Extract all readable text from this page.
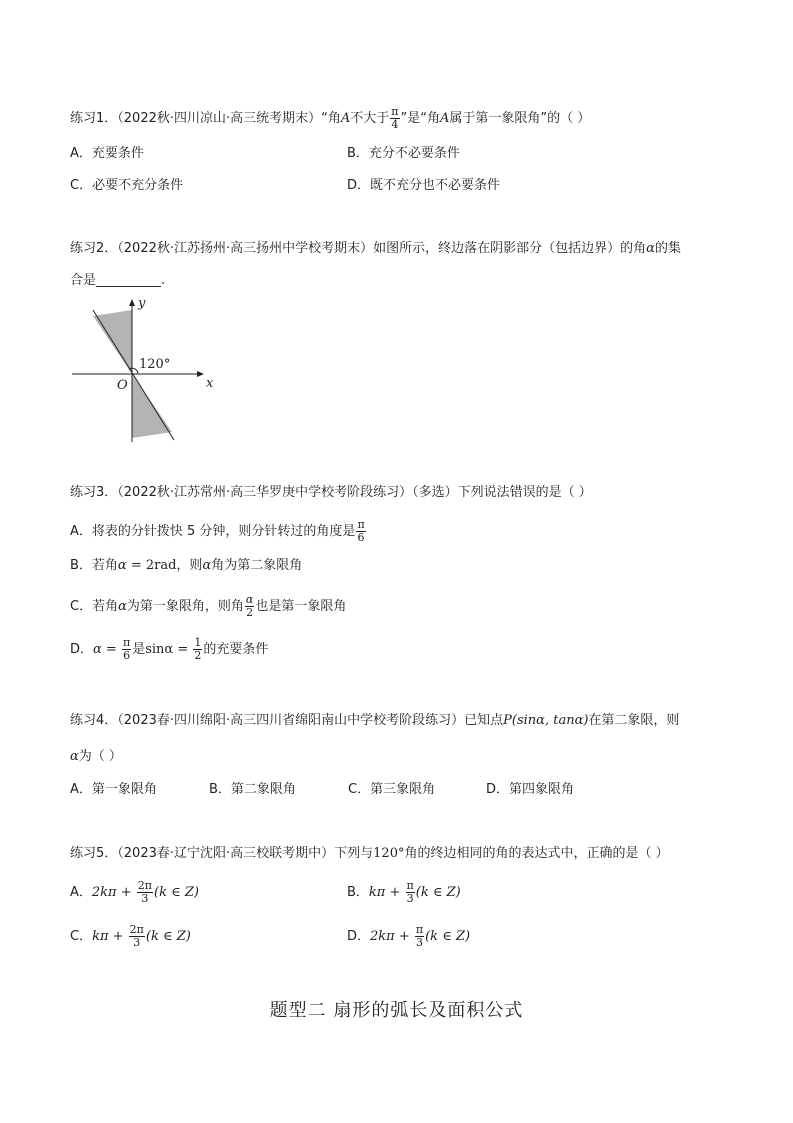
练习1．（2022秋·四川凉山·高三统考期末）“角A不大于 $\frac{\pi}{4}$ ”是“角A属于第一象限角”的（ ）
A．充要条件	B．充分不必要条件
C．必要不充分条件	D．既不充分也不必要条件
练习2．（2022秋·江苏扬州·高三扬州中学校考期末）如图所示，终边落在阴影部分（包括边界）的角α的集
合是__________.
120°
x
y
O
练习3．（2022秋·江苏常州·高三华罗庚中学校考阶段练习）（多选）下列说法错误的是（ ）
A．将表的分针拨快 5 分钟，则分针转过的角度是 $\frac{\pi}{6}$
B．若角α = 2rad，则α角为第二象限角
C．若角α为第一象限角，则角 $\frac{\alpha}{2}$ 也是第一象限角
D．$\alpha = \frac{\pi}{6}$ 是$\sin\alpha = \frac{1}{2}$ 的充要条件
练习4．（2023春·四川绵阳·高三四川省绵阳南山中学校考阶段练习）已知点P(sinα, tanα)在第二象限，则
α为（ ）
A．第一象限角	B．第二象限角	C．第三象限角	D．第四象限角
练习5．（2023春·辽宁沈阳·高三校联考期中）下列与120°角的终边相同的角的表达式中，正确的是（ ）
A．$2k\pi + \frac{2\pi}{3} (k$ ∈ Z)	B．$k\pi + \frac{\pi}{3} (k$ ∈ Z)
C．$k\pi + \frac{2\pi}{3} (k$ ∈ Z)	D．$2k\pi + \frac{\pi}{3} (k$ ∈ Z)
题型二 扇形的弧长及面积公式
